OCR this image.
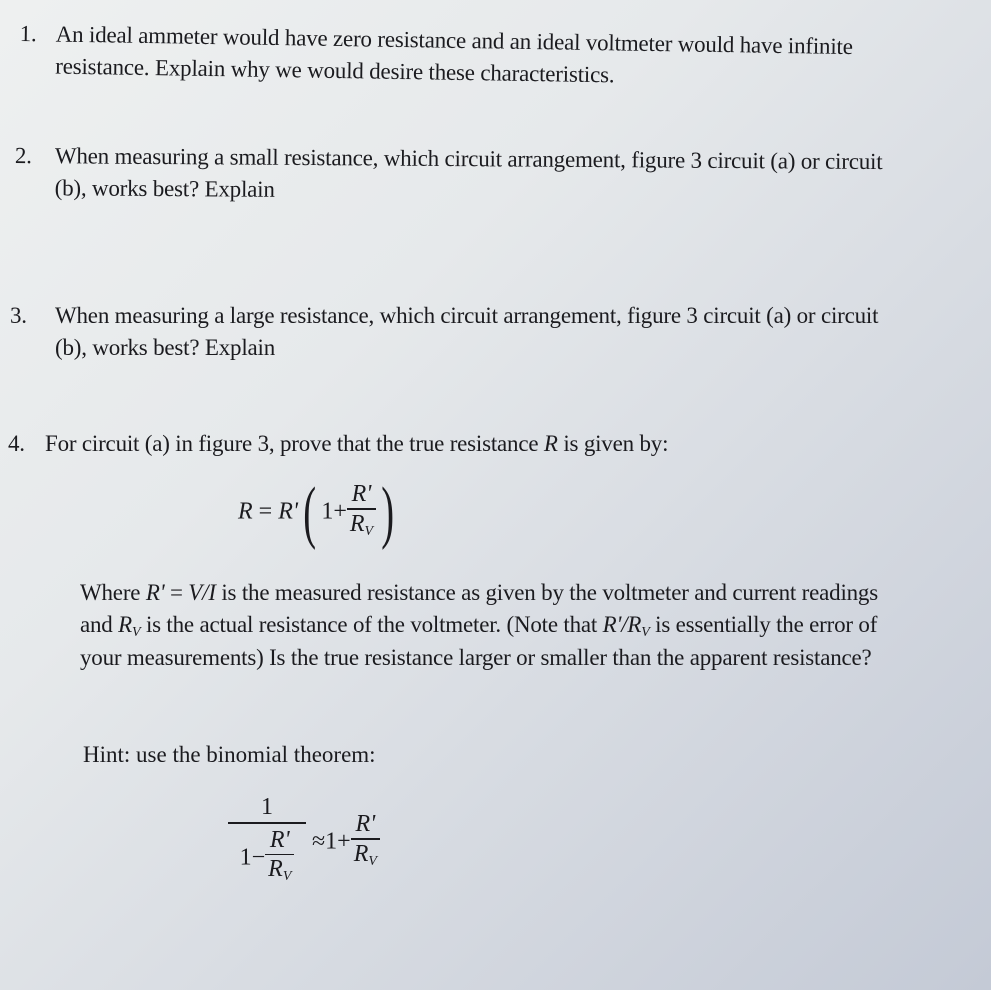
1. An ideal ammeter would have zero resistance and an ideal voltmeter would have infinite
resistance. Explain why we would desire these characteristics.
2. When measuring a small resistance, which circuit arrangement, figure 3 circuit (a) or circuit
(b), works best? Explain
3.	When measuring a large resistance, which circuit arrangement, figure 3 circuit (a) or circuit
(b), works best? Explain
4. For circuit (a) in figure 3, prove that the true resistance R is given by:
R = R'( $1+ \frac{R'}{R_V}$ )
Where R' = V/I is the measured resistance as given by the voltmeter and current readings
and $R_V$ is the actual resistance of the voltmeter. (Note that $R'/R_V$ is essentially the error of
your measurements) Is the true resistance larger or smaller than the apparent resistance?
Hint: use the binomial theorem:
$\frac{1}{1- \frac{R'}{R_V}} \approx 1+ \frac{R'}{R_V}$
